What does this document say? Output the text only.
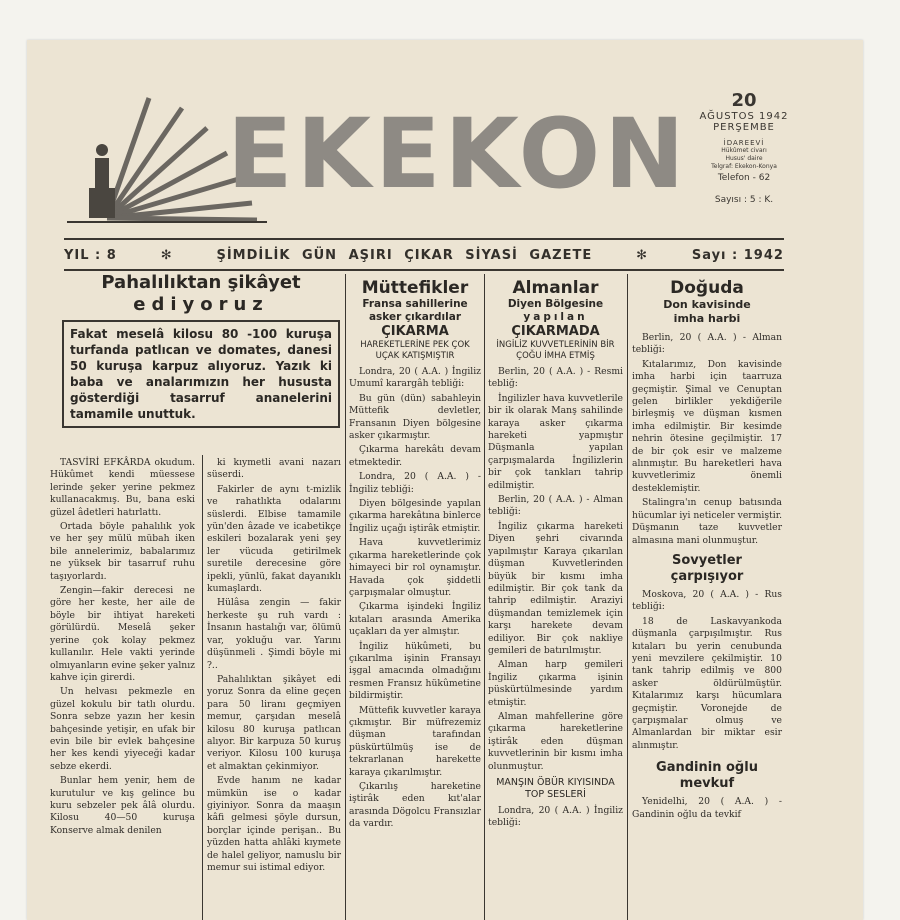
EKEKON	20
AĞUSTOS 1942
PERŞEMBE
İDAREEVİ
Hükûmet civarı
Husus' daire
Telgraf: Ekekon-Konya
Telefon - 62
Sayısı : 5 : K.
YIL : 8	✻	ŞİMDİLİK GÜN AŞIRI ÇIKAR SİYASİ GAZETE	✻	Sayı : 1942
Pahalılıktan şikâyet
ediyoruz
Fakat meselâ kilosu 80 -100 kuruşa turfanda patlıcan ve domates, danesi 50 kuruşa karpuz alıyoruz. Yazık ki baba ve analarımızın her hususta gösterdiği tasarruf ananelerini tamamile unuttuk.

TASVİRİ EFKÂRDA okudum. Hükûmet kendi müessese lerinde şeker yerine pekmez kullanacakmış. Bu, bana eski güzel âdetleri hatırlattı.

Ortada böyle pahalılık yok ve her şey mülü mübah iken bile annelerimiz, babalarımız ne yüksek bir tasarruf ruhu taşıyorlardı.

Zengin—fakir derecesi ne göre her keste, her aile de böyle bir ihtiyat hareketi görülürdü. Meselâ şeker yerine çok kolay pekmez kullanılır. Hele vakti yerinde olmıyanların evine şeker yalnız kahve için girerdi.

Un helvası pekmezle en güzel kokulu bir tatlı olurdu. Sonra sebze yazın her kesin bahçesinde yetişir, en ufak bir evin bile bir evlek bahçesine her kes kendi yiyeceği kadar sebze ekerdi.

Bunlar hem yenir, hem de kurutulur ve kış gelince bu kuru sebzeler pek âlâ olurdu. Kilosu 40—50 kuruşa Konserve almak denilen

ki kıymetli avani nazarı süserdi.

Fakirler de aynı t-mizlik ve rahatlıkta odalarını süslerdi. Elbise tamamile yün'den âzade ve icabetikçe eskileri bozalarak yeni şey ler vücuda getirilmek suretile derecesine göre ipekli, yünlü, fakat dayanıklı kumaşlardı.

Hülâsa zengin — fakir herkeste şu ruh vardı : İnsanın hastalığı var, ölümü var, yokluğu var. Yarını düşünmeli . Şimdi böyle mi ?..

Pahalılıktan şikâyet edi yoruz Sonra da eline geçen para 50 liranı geçmiyen memur, çarşıdan meselâ kilosu 80 kuruşa patlıcan alıyor. Bir karpuza 50 kuruş veriyor. Kilosu 100 kuruşa et almaktan çekinmiyor.

Evde hanım ne kadar mümkün ise o kadar giyiniyor. Sonra da maaşın kâfi gelmesi şöyle dursun, borçlar içinde perişan.. Bu yüzden hatta ahlâki kıymete de halel geliyor, namuslu bir memur sui istimal ediyor.

Müttefikler
Fransa sahillerine
asker çıkardılar
ÇIKARMA
HAREKETLERİNE PEK ÇOK UÇAK KATIŞMIŞTIR

Londra, 20 ( A.A. ) İngiliz Umumî karargâh tebliği:

Bu gün (dün) sabahleyin Müttefik devletler, Fransanın Diyen bölgesine asker çıkarmıştır.

Çıkarma harekâtı devam etmektedir.

Londra, 20 ( A.A. ) - İngiliz tebliği:

Diyen bölgesinde yapılan çıkarma harekâtına binlerce İngiliz uçağı iştirâk etmiştir.

Hava kuvvetlerimiz çıkarma hareketlerinde çok himayeci bir rol oynamıştır. Havada çok şiddetli çarpışmalar olmuştur.

Çıkarma işindeki İngiliz kıtaları arasında Amerika uçakları da yer almıştır.

İngiliz hükûmeti, bu çıkarılma işinin Fransayı işgal amacında olmadığını resmen Fransız hükûmetine bildirmiştir.

Müttefik kuvvetler karaya çıkmıştır. Bir müfrezemiz düşman tarafından püskürtülmüş ise de tekrarlanan harekette karaya çıkarılmıştır.

Çıkarılış hareketine iştirâk eden kıt'alar arasında Dögolcu Fransızlar da vardır.

Almanlar
Diyen Bölgesine
yapılan
ÇIKARMADA
İNGİLİZ KUVVETLERİNİN BİR ÇOĞU İMHA ETMİŞ

Berlin, 20 ( A.A. ) - Resmi tebliğ:

İngilizler hava kuvvetlerile bir ik olarak Manş sahilinde karaya asker çıkarma hareketi yapmıştır Düşmanla yapılan çarpışmalarda İngilizlerin bir çok tankları tahrip edilmiştir.

Berlin, 20 ( A.A. ) - Alman tebliği:

İngiliz çıkarma hareketi Diyen şehri civarında yapılmıştır Karaya çıkarılan düşman Kuvvetlerinden büyük bir kısmı imha edilmiştir. Bir çok tank da tahrip edilmiştir. Araziyi düşmandan temizlemek için karşı harekete devam ediliyor. Bir çok nakliye gemileri de batırılmıştır.

Alman harp gemileri İngiliz çıkarma işinin püskürtülmesinde yardım etmiştir.

Alman mahfellerine göre çıkarma hareketlerine iştirâk eden düşman kuvvetlerinin bir kısmı imha olunmuştur.

MANŞIN ÖBÜR KIYISINDA TOP SESLERİ

Londra, 20 ( A.A. ) İngiliz tebliği:

Doğuda
Don kavisinde
imha harbi

Berlin, 20 ( A.A. ) - Alman tebliği:

Kıtalarımız, Don kavisinde imha harbi için taarruza geçmiştir. Şimal ve Cenuptan gelen birlikler yekdiğerile birleşmiş ve düşman kısmen imha edilmiştir. Bir kesimde nehrin ötesine geçilmiştir. 17 de bir çok esir ve malzeme alınmıştır. Bu hareketleri hava kuvvetlerimiz önemli desteklemiştir.

Stalingra'ın cenup batısında hücumlar iyi neticeler vermiştir. Düşmanın taze kuvvetler almasına mani olunmuştur.

Sovyetler
çarpışıyor

Moskova, 20 ( A.A. ) - Rus tebliği:

18 de Laskavyankoda düşmanla çarpışılmıştır. Rus kıtaları bu yerin cenubunda yeni mevzilere çekilmiştir. 10 tank tahrip edilmiş ve 800 asker öldürülmüştür. Kıtalarımız karşı hücumlara geçmiştir. Voronejde de çarpışmalar olmuş ve Almanlardan bir miktar esir alınmıştır.

Gandinin oğlu
mevkuf

Yenidelhi, 20 ( A.A. ) - Gandinin oğlu da tevkif
